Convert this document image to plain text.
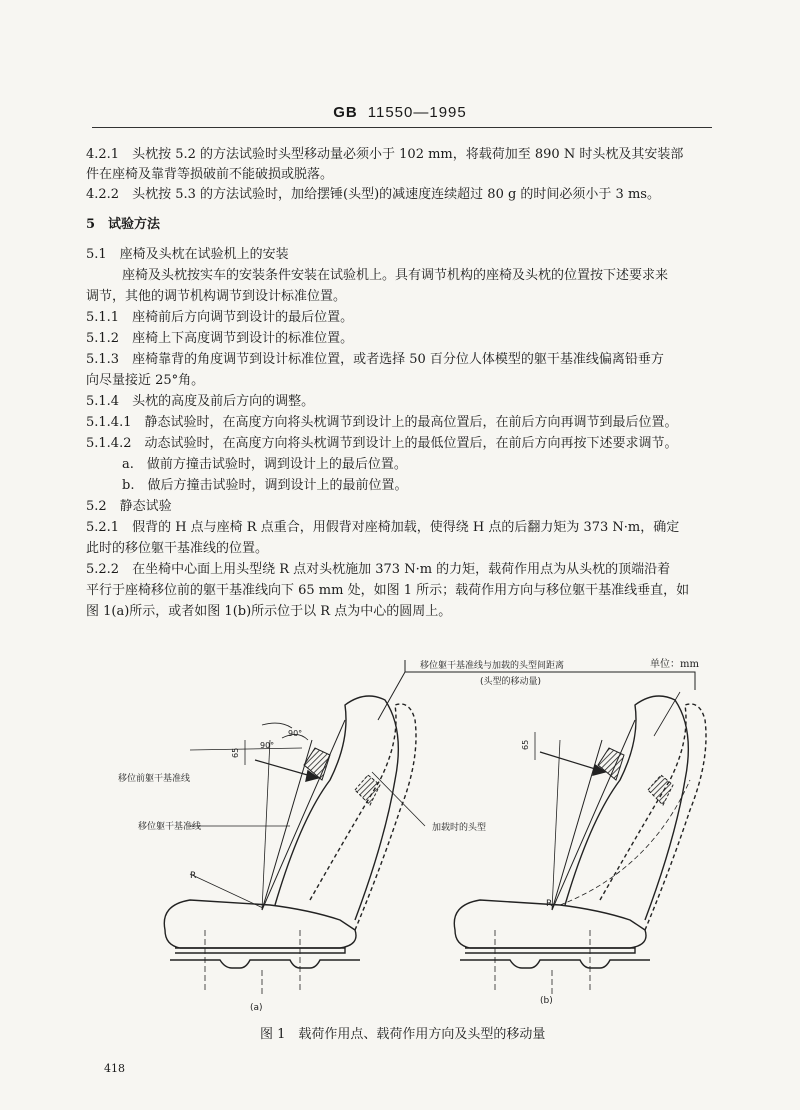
GB 11550—1995
4.2.1　头枕按 5.2 的方法试验时头型移动量必须小于 102 mm，将载荷加至 890 N 时头枕及其安装部
件在座椅及靠背等损破前不能破损或脱落。
4.2.2　头枕按 5.3 的方法试验时，加给摆锤(头型)的减速度连续超过 80 g 的时间必须小于 3 ms。
5　试验方法
5.1　座椅及头枕在试验机上的安装
座椅及头枕按实车的安装条件安装在试验机上。具有调节机构的座椅及头枕的位置按下述要求来
调节，其他的调节机构调节到设计标准位置。
5.1.1　座椅前后方向调节到设计的最后位置。
5.1.2　座椅上下高度调节到设计的标准位置。
5.1.3　座椅靠背的角度调节到设计标准位置，或者选择 50 百分位人体模型的躯干基准线偏离铅垂方
向尽量接近 25°角。
5.1.4　头枕的高度及前后方向的调整。
5.1.4.1　静态试验时，在高度方向将头枕调节到设计上的最高位置后，在前后方向再调节到最后位置。
5.1.4.2　动态试验时，在高度方向将头枕调节到设计上的最低位置后，在前后方向再按下述要求调节。
a.　做前方撞击试验时，调到设计上的最后位置。
b.　做后方撞击试验时，调到设计上的最前位置。
5.2　静态试验
5.2.1　假背的 H 点与座椅 R 点重合，用假背对座椅加载，使得绕 H 点的后翻力矩为 373 N·m，确定
此时的移位躯干基准线的位置。
5.2.2　在坐椅中心面上用头型绕 R 点对头枕施加 373 N·m 的力矩，载荷作用点为从头枕的顶端沿着
平行于座椅移位前的躯干基准线向下 65 mm 处，如图 1 所示；载荷作用方向与移位躯干基准线垂直，如
图 1(a)所示，或者如图 1(b)所示位于以 R 点为中心的圆周上。
单位：mm
移位躯干基准线与加载的头型间距离
(头型的移动量)
90°
90°
65
移位前躯干基准线
移位躯干基准线
R
加载时的头型
(a)
65
R
(b)
图 1　载荷作用点、载荷作用方向及头型的移动量
418
